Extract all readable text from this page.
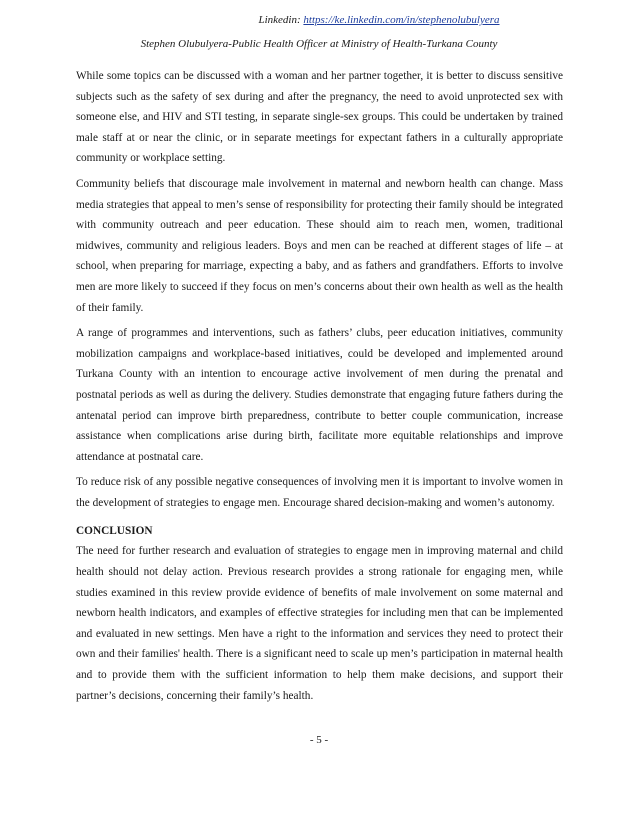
Linkedin: https://ke.linkedin.com/in/stephenolubulyera
Stephen Olubulyera-Public Health Officer at Ministry of Health-Turkana County

While some topics can be discussed with a woman and her partner together, it is better to discuss sensitive subjects such as the safety of sex during and after the pregnancy, the need to avoid unprotected sex with someone else, and HIV and STI testing, in separate single-sex groups. This could be undertaken by trained male staff at or near the clinic, or in separate meetings for expectant fathers in a culturally appropriate community or workplace setting.

Community beliefs that discourage male involvement in maternal and newborn health can change. Mass media strategies that appeal to men’s sense of responsibility for protecting their family should be integrated with community outreach and peer education. These should aim to reach men, women, traditional midwives, community and religious leaders. Boys and men can be reached at different stages of life – at school, when preparing for marriage, expecting a baby, and as fathers and grandfathers. Efforts to involve men are more likely to succeed if they focus on men’s concerns about their own health as well as the health of their family.

A range of programmes and interventions, such as fathers’ clubs, peer education initiatives, community mobilization campaigns and workplace-based initiatives, could be developed and implemented around Turkana County with an intention to encourage active involvement of men during the prenatal and postnatal periods as well as during the delivery. Studies demonstrate that engaging future fathers during the antenatal period can improve birth preparedness, contribute to better couple communication, increase assistance when complications arise during birth, facilitate more equitable relationships and improve attendance at postnatal care.

To reduce risk of any possible negative consequences of involving men it is important to involve women in the development of strategies to engage men. Encourage shared decision-making and women’s autonomy.

CONCLUSION

The need for further research and evaluation of strategies to engage men in improving maternal and child health should not delay action. Previous research provides a strong rationale for engaging men, while studies examined in this review provide evidence of benefits of male involvement on some maternal and newborn health indicators, and examples of effective strategies for including men that can be implemented and evaluated in new settings. Men have a right to the information and services they need to protect their own and their families' health. There is a significant need to scale up men’s participation in maternal health and to provide them with the sufficient information to help them make decisions, and support their partner’s decisions, concerning their family’s health.

- 5 -
